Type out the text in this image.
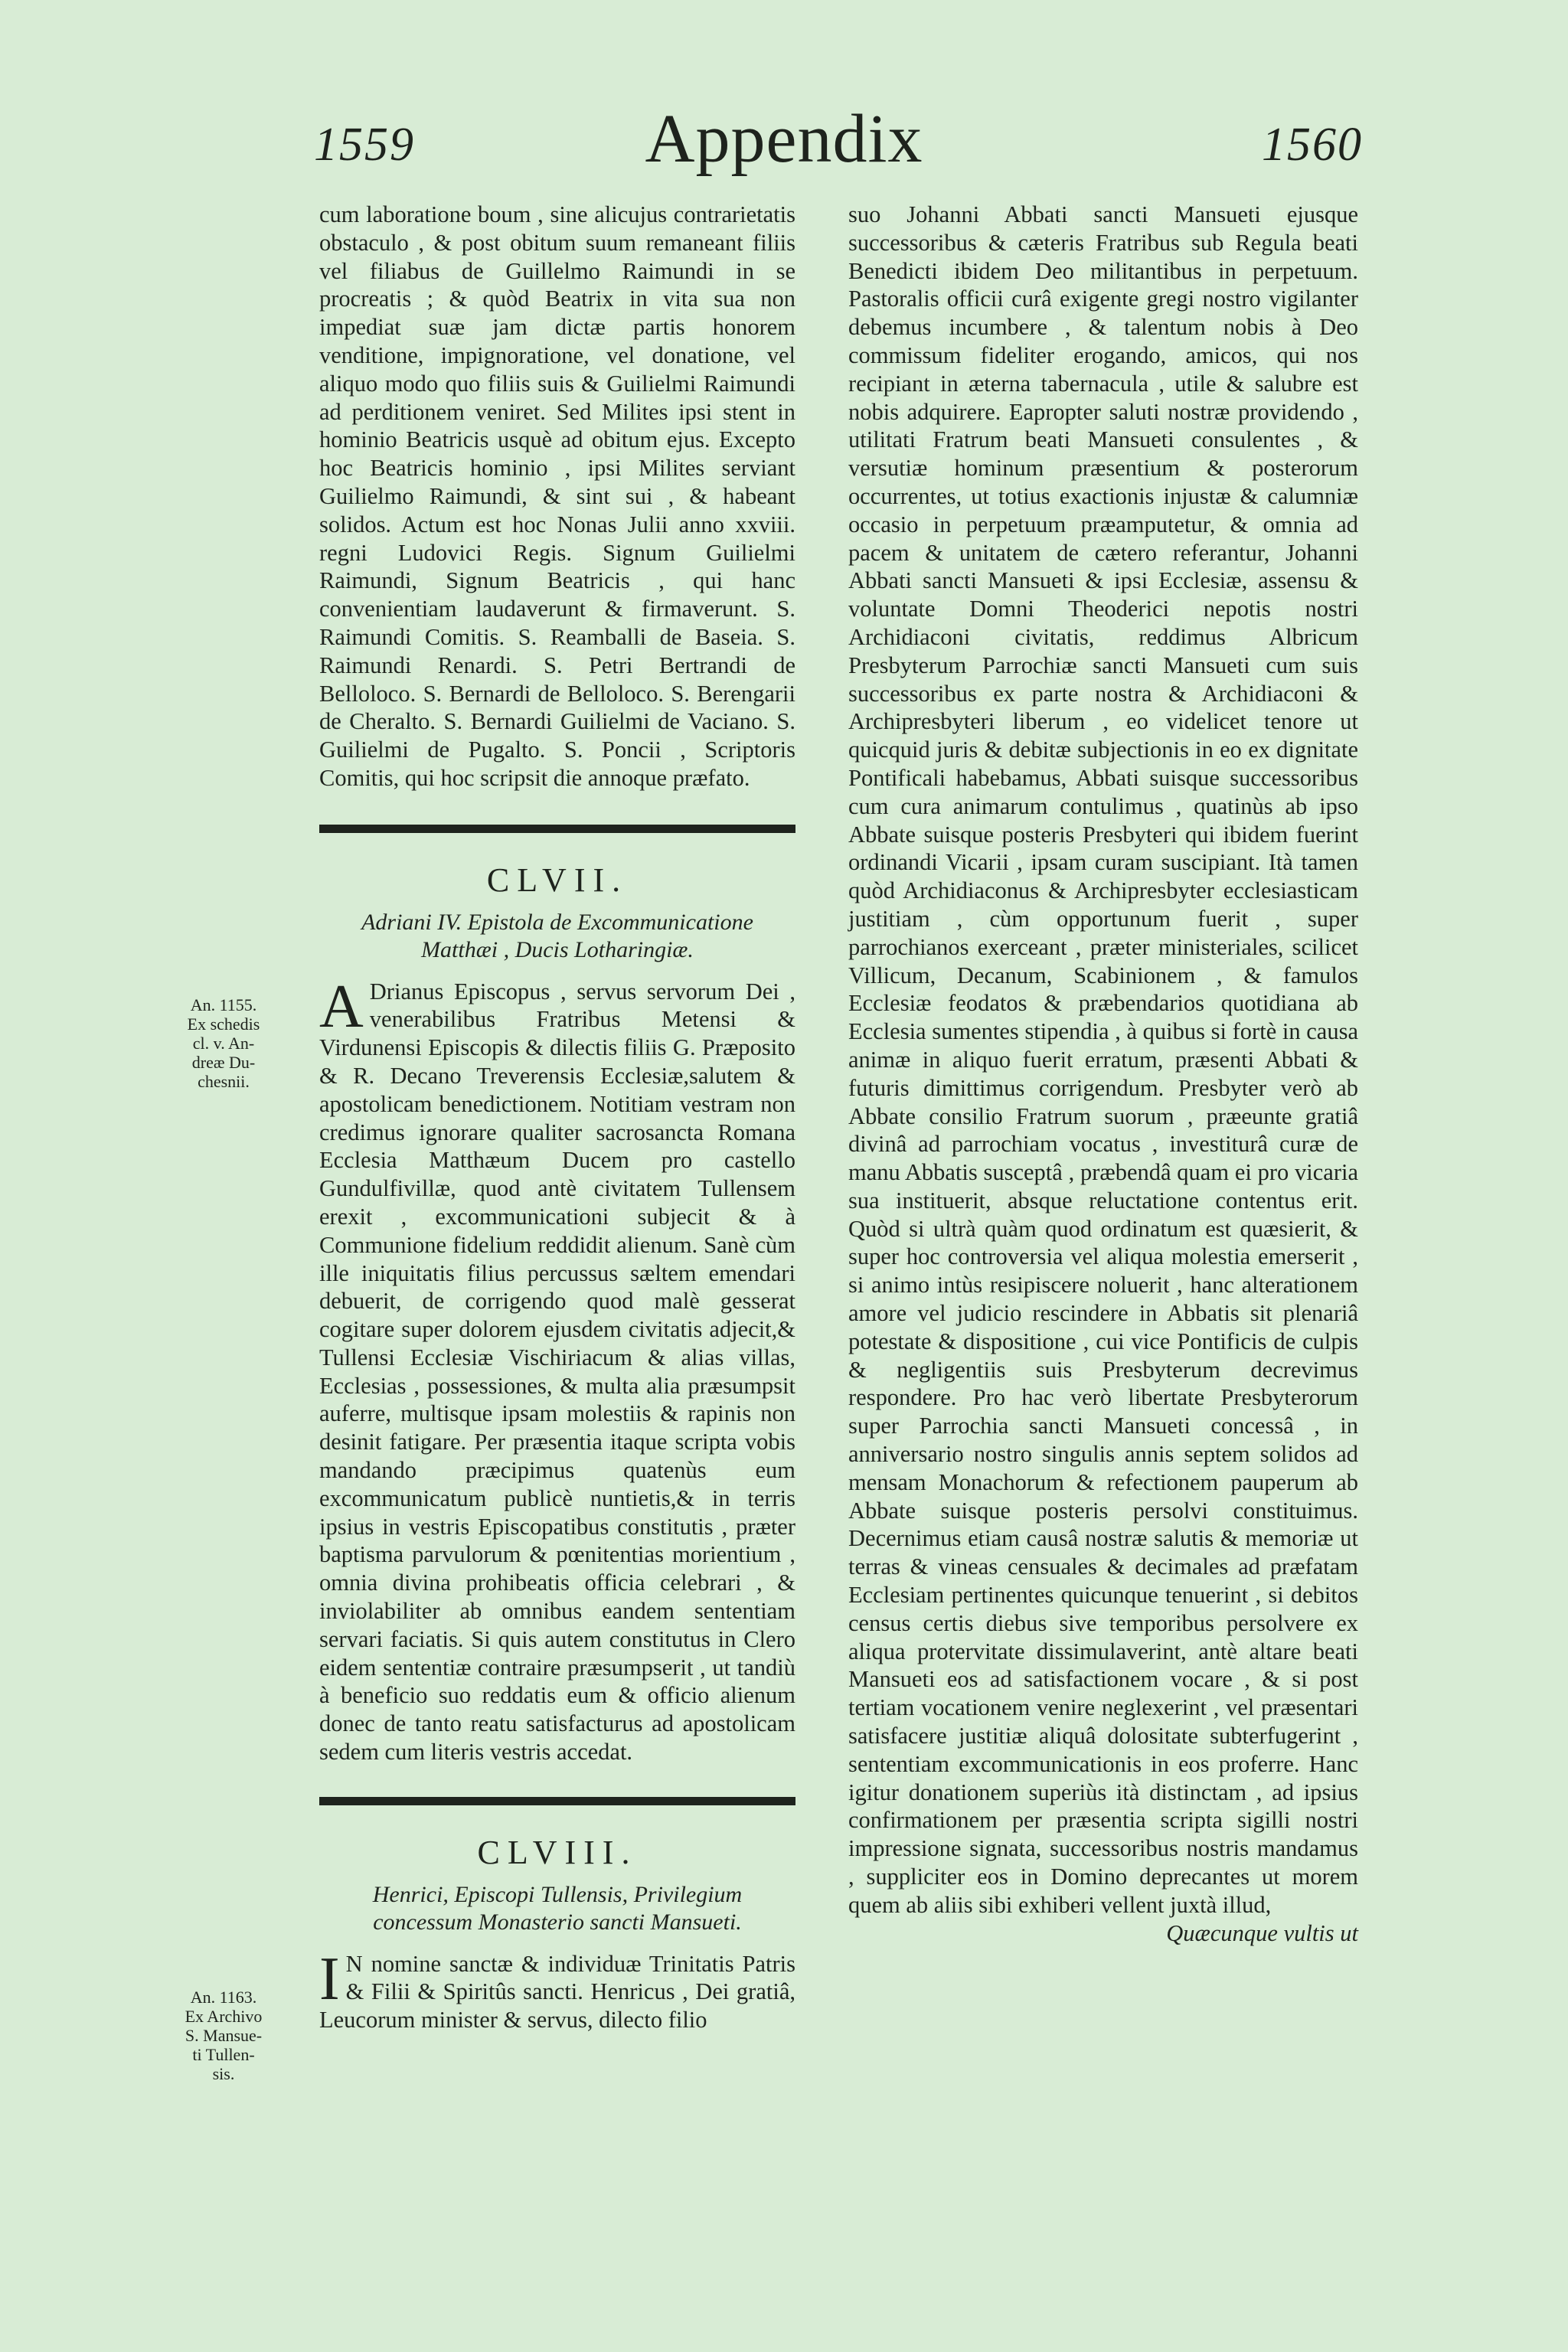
1559	Appendix	1560

cum laboratione boum , sine alicujus contrarietatis obstaculo , & post obitum suum remaneant filiis vel filiabus de Guillelmo Raimundi in se procreatis ; & quòd Beatrix in vita sua non impediat suæ jam dictæ partis honorem venditione, impignoratione, vel donatione, vel aliquo modo quo filiis suis & Guilielmi Raimundi ad perditionem veniret. Sed Milites ipsi stent in hominio Beatricis usquè ad obitum ejus. Excepto hoc Beatricis hominio , ipsi Milites serviant Guilielmo Raimundi, & sint sui , & habeant solidos. Actum est hoc Nonas Julii anno xxviii. regni Ludovici Regis. Signum Guilielmi Raimundi, Signum Beatricis , qui hanc convenientiam laudaverunt & firmaverunt. S. Raimundi Comitis. S. Reamballi de Baseia. S. Raimundi Renardi. S. Petri Bertrandi de Belloloco. S. Bernardi de Belloloco. S. Berengarii de Cheralto. S. Bernardi Guilielmi de Vaciano. S. Guilielmi de Pugalto. S. Poncii , Scriptoris Comitis, qui hoc scripsit die annoque præfato.

CLVII.
Adriani IV. Epistola de Excommunicatione Matthæi , Ducis Lotharingiæ.

A Drianus Episcopus , servus servorum Dei , venerabilibus Fratribus Metensi & Virdunensi Episcopis & dilectis filiis G. Præposito & R. Decano Treverensis Ecclesiæ,salutem & apostolicam benedictionem. Notitiam vestram non credimus ignorare qualiter sacrosancta Romana Ecclesia Matthæum Ducem pro castello Gundulfivillæ, quod antè civitatem Tullensem erexit , excommunicationi subjecit & à Communione fidelium reddidit alienum. Sanè cùm ille iniquitatis filius percussus sæltem emendari debuerit, de corrigendo quod malè gesserat cogitare super dolorem ejusdem civitatis adjecit,& Tullensi Ecclesiæ Vischiriacum & alias villas, Ecclesias , possessiones, & multa alia præsumpsit auferre, multisque ipsam molestiis & rapinis non desinit fatigare. Per præsentia itaque scripta vobis mandando præcipimus quatenùs eum excommunicatum publicè nuntietis,& in terris ipsius in vestris Episcopatibus constitutis , præter baptisma parvulorum & pœnitentias morientium , omnia divina prohibeatis officia celebrari , & inviolabiliter ab omnibus eandem sententiam servari faciatis. Si quis autem constitutus in Clero eidem sententiæ contraire præsumpserit , ut tandiù à beneficio suo reddatis eum & officio alienum donec de tanto reatu satisfacturus ad apostolicam sedem cum literis vestris accedat.

CLVIII.
Henrici, Episcopi Tullensis, Privilegium concessum Monasterio sancti Mansueti.

I N nomine sanctæ & individuæ Trinitatis Patris & Filii & Spiritûs sancti. Henricus , Dei gratiâ, Leucorum minister & servus, dilecto filio

An. 1155.
Ex schedis
cl. v. An-
dreæ Du-
chesnii.
An. 1163.
Ex Archivo
S. Mansue-
ti Tullen-
sis.

suo Johanni Abbati sancti Mansueti ejusque successoribus & cæteris Fratribus sub Regula beati Benedicti ibidem Deo militantibus in perpetuum. Pastoralis officii curâ exigente gregi nostro vigilanter debemus incumbere , & talentum nobis à Deo commissum fideliter erogando, amicos, qui nos recipiant in æterna tabernacula , utile & salubre est nobis adquirere. Eapropter saluti nostræ providendo , utilitati Fratrum beati Mansueti consulentes , & versutiæ hominum præsentium & posterorum occurrentes, ut totius exactionis injustæ & calumniæ occasio in perpetuum præamputetur, & omnia ad pacem & unitatem de cætero referantur, Johanni Abbati sancti Mansueti & ipsi Ecclesiæ, assensu & voluntate Domni Theoderici nepotis nostri Archidiaconi civitatis, reddimus Albricum Presbyterum Parrochiæ sancti Mansueti cum suis successoribus ex parte nostra & Archidiaconi & Archipresbyteri liberum , eo videlicet tenore ut quicquid juris & debitæ subjectionis in eo ex dignitate Pontificali habebamus, Abbati suisque successoribus cum cura animarum contulimus , quatinùs ab ipso Abbate suisque posteris Presbyteri qui ibidem fuerint ordinandi Vicarii , ipsam curam suscipiant. Ità tamen quòd Archidiaconus & Archipresbyter ecclesiasticam justitiam , cùm opportunum fuerit , super parrochianos exerceant , præter ministeriales, scilicet Villicum, Decanum, Scabinionem , & famulos Ecclesiæ feodatos & præbendarios quotidiana ab Ecclesia sumentes stipendia , à quibus si fortè in causa animæ in aliquo fuerit erratum, præsenti Abbati & futuris dimittimus corrigendum. Presbyter verò ab Abbate consilio Fratrum suorum , præeunte gratiâ divinâ ad parrochiam vocatus , investiturâ curæ de manu Abbatis susceptâ , præbendâ quam ei pro vicaria sua instituerit, absque reluctatione contentus erit. Quòd si ultrà quàm quod ordinatum est quæsierit, & super hoc controversia vel aliqua molestia emerserit , si animo intùs resipiscere noluerit , hanc alterationem amore vel judicio rescindere in Abbatis sit plenariâ potestate & dispositione , cui vice Pontificis de culpis & negligentiis suis Presbyterum decrevimus respondere. Pro hac verò libertate Presbyterorum super Parrochia sancti Mansueti concessâ , in anniversario nostro singulis annis septem solidos ad mensam Monachorum & refectionem pauperum ab Abbate suisque posteris persolvi constituimus. Decernimus etiam causâ nostræ salutis & memoriæ ut terras & vineas censuales & decimales ad præfatam Ecclesiam pertinentes quicunque tenuerint , si debitos census certis diebus sive temporibus persolvere ex aliqua protervitate dissimulaverint, antè altare beati Mansueti eos ad satisfactionem vocare , & si post tertiam vocationem venire neglexerint , vel præsentari satisfacere justitiæ aliquâ dolositate subterfugerint , sententiam excommunicationis in eos proferre. Hanc igitur donationem superiùs ità distinctam , ad ipsius confirmationem per præsentia scripta sigilli nostri impressione signata, successoribus nostris mandamus , suppliciter eos in Domino deprecantes ut morem quem ab aliis sibi exhiberi vellent juxtà illud,

Quæcunque vultis ut
